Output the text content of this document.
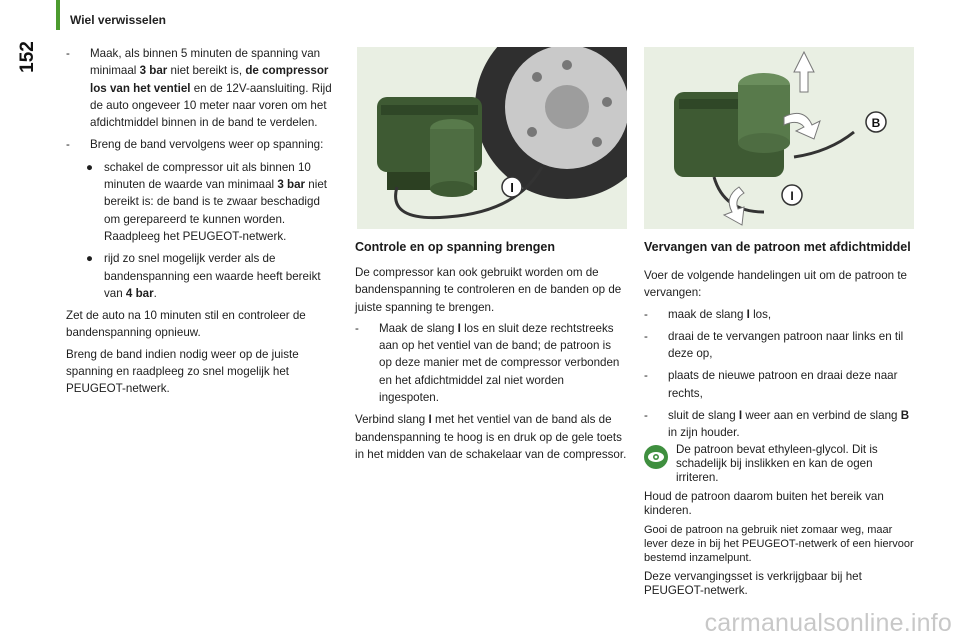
Wiel verwisselen
152 - Maak, als binnen 5 minuten de spanning van minimaal 3 bar niet bereikt is, de compressor los van het ventiel en de 12V-aansluiting. Rijd de auto ongeveer 10 meter naar voren om het afdichtmiddel binnen in de band te verdelen.
- Breng de band vervolgens weer op spanning:
● schakel de compressor uit als binnen 10 minuten de waarde van minimaal 3 bar niet bereikt is: de band is te zwaar beschadigd om gerepareerd te kunnen worden. Raadpleeg het PEUGEOT-netwerk.
● rijd zo snel mogelijk verder als de bandenspanning een waarde heeft bereikt van 4 bar.

Zet de auto na 10 minuten stil en controleer de bandenspanning opnieuw.

Breng de band indien nodig weer op de juiste spanning en raadpleeg zo snel mogelijk het PEUGEOT-netwerk.

I
B
I
Controle en op spanning brengen

De compressor kan ook gebruikt worden om de bandenspanning te controleren en de banden op de juiste spanning te brengen.

- Maak de slang I los en sluit deze rechtstreeks aan op het ventiel van de band; de patroon is op deze manier met de compressor verbonden en het afdichtmiddel zal niet worden ingespoten.

Verbind slang I met het ventiel van de band als de bandenspanning te hoog is en druk op de gele toets in het midden van de schakelaar van de compressor.

Vervangen van de patroon met afdichtmiddel

Voer de volgende handelingen uit om de patroon te vervangen:

- maak de slang I los,
- draai de te vervangen patroon naar links en til deze op,
- plaats de nieuwe patroon en draai deze naar rechts,
- sluit de slang I weer aan en verbind de slang B in zijn houder.
De patroon bevat ethyleen-glycol. Dit is schadelijk bij inslikken en kan de ogen irriteren.

Houd de patroon daarom buiten het bereik van kinderen.

Gooi de patroon na gebruik niet zomaar weg, maar lever deze in bij het PEUGEOT-netwerk of een hiervoor bestemd inzamelpunt.

Deze vervangingsset is verkrijgbaar bij het PEUGEOT-netwerk.

carmanualsonline.info
